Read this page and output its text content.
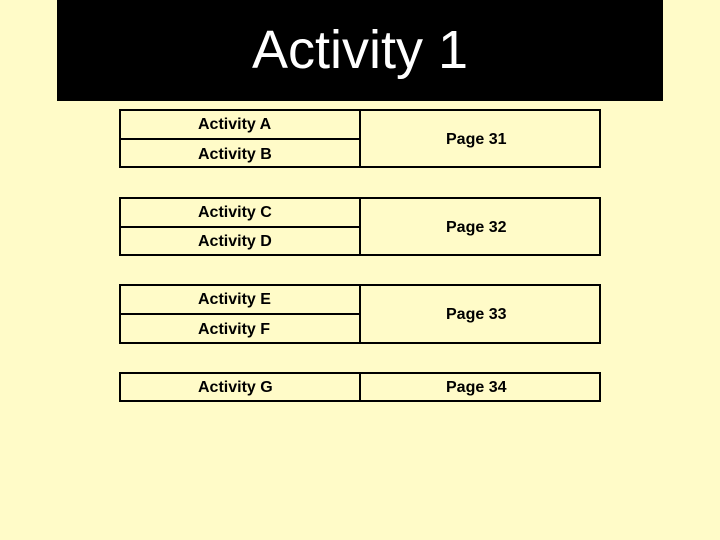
Activity 1
Activity A
Activity B
Page 31
Activity C
Activity D
Page 32
Activity E
Activity F
Page 33
Activity G	Page 34
